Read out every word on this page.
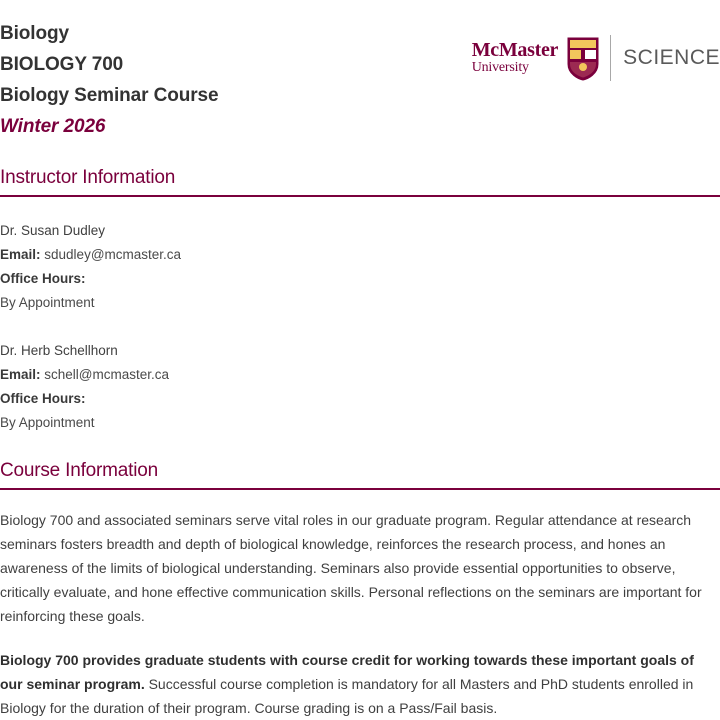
Biology
BIOLOGY 700
Biology Seminar Course
Winter 2026
McMaster
University	SCIENCE
Instructor Information
Dr. Susan Dudley
Email: sdudley@mcmaster.ca
Office Hours:
By Appointment
Dr. Herb Schellhorn
Email: schell@mcmaster.ca
Office Hours:
By Appointment
Course Information
Biology 700 and associated seminars serve vital roles in our graduate program. Regular attendance at research seminars fosters breadth and depth of biological knowledge, reinforces the research process, and hones an awareness of the limits of biological understanding. Seminars also provide essential opportunities to observe, critically evaluate, and hone effective communication skills. Personal reflections on the seminars are important for reinforcing these goals.
Biology 700 provides graduate students with course credit for working towards these important goals of our seminar program. Successful course completion is mandatory for all Masters and PhD students enrolled in Biology for the duration of their program. Course grading is on a Pass/Fail basis.
